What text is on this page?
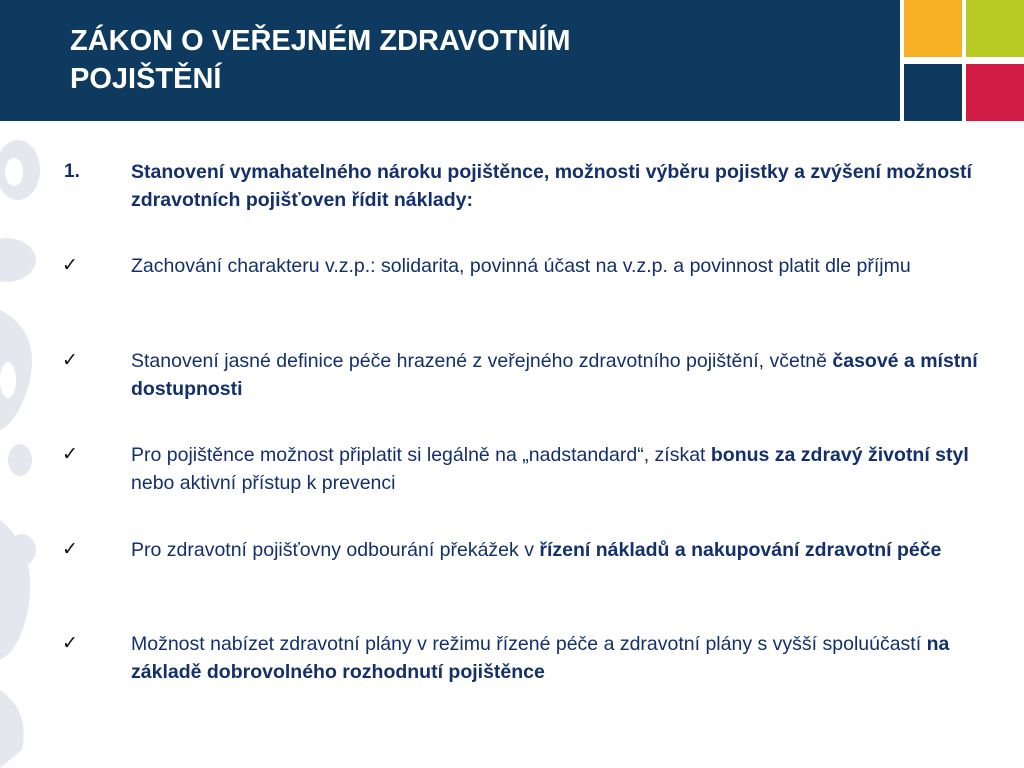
ZÁKON O VEŘEJNÉM ZDRAVOTNÍM
POJIŠTĚNÍ
1.	Stanovení vymahatelného nároku pojištěnce, možnosti výběru pojistky a zvýšení možností zdravotních pojišťoven řídit náklady:
✓	Zachování charakteru v.z.p.: solidarita, povinná účast na v.z.p. a povinnost platit dle příjmu
✓	Stanovení jasné definice péče hrazené z veřejného zdravotního pojištění, včetně časové a místní dostupnosti
✓	Pro pojištěnce možnost připlatit si legálně na „nadstandard“, získat bonus za zdravý životní styl nebo aktivní přístup k prevenci
✓	Pro zdravotní pojišťovny odbourání překážek v řízení nákladů a nakupování zdravotní péče
✓	Možnost nabízet zdravotní plány v režimu řízené péče a zdravotní plány s vyšší spoluúčastí na základě dobrovolného rozhodnutí pojištěnce
